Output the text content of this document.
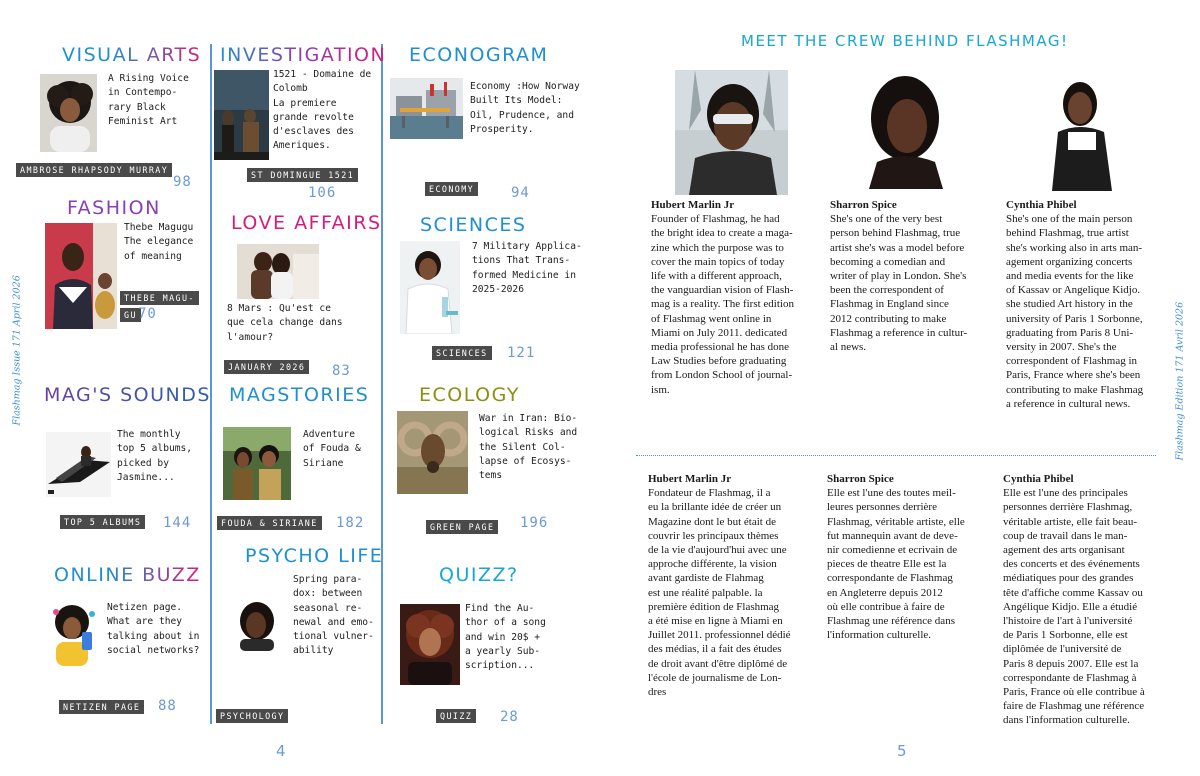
Flashmag Issue 171 April 2026
VISUAL ARTS
A Rising Voice
in Contempo-
rary Black
Feminist Art
AMBROSE RHAPSODY MURRAY
98
INVESTIGATION
1521 - Domaine de
Colomb
La premiere
grande revolte
d'esclaves des
Ameriques.
ST DOMINGUE 1521
106
ECONOGRAM
Economy :How Norway
Built Its Model:
Oil, Prudence, and
Prosperity.
ECONOMY	94
FASHION
Thebe Magugu
The elegance
of meaning
THEBE MAGU-
GU 70
LOVE AFFAIRS
8 Mars : Qu'est ce
que cela change dans
l'amour?
JANUARY 2026 83
SCIENCES
7 Military Applica-
tions That Trans-
formed Medicine in
2025-2026
SCIENCES 121
MAG'S SOUNDS
The monthly
top 5 albums,
picked by
Jasmine...
TOP 5 ALBUMS 144
MAGSTORIES
Adventure
of Fouda &
Siriane
FOUDA & SIRIANE 182
ECOLOGY
War in Iran: Bio-
logical Risks and
the Silent Col-
lapse of Ecosys-
tems
GREEN PAGE 196
ONLINE BUZZ
Netizen page.
What are they
talking about in
social networks?
NETIZEN PAGE 88
PSYCHO LIFE
Spring para-
dox: between
seasonal re-
newal and emo-
tional vulner-
ability
PSYCHOLOGY
QUIZZ?
Find the Au-
thor of a song
and win 20$ +
a yearly Sub-
scription...
QUIZZ 28
4
MEET THE CREW BEHIND FLASHMAG!
Hubert Marlin Jr
Founder of Flashmag, he had
the bright idea to create a maga-
zine which the purpose was to
cover the main topics of today
life with a different approach,
the vanguardian vision of Flash-
mag is a reality. The first edition
of Flashmag went online in
Miami on July 2011. dedicated
media professional he has done
Law Studies before graduating
from London School of journal-
ism.
Sharron Spice
She's one of the very best
person behind Flashmag, true
artist she's was a model before
becoming a comedian and
writer of play in London. She's
been the correspondent of
Flashmag in England since
2012 contributing to make
Flashmag a reference in cultur-
al news.
Cynthia Phibel
She's one of the main person
behind Flashmag, true artist
she's working also in arts man-
agement organizing concerts
and media events for the like
of Kassav or Angelique Kidjo.
she studied Art history in the
university of Paris 1 Sorbonne,
graduating from Paris 8 Uni-
versity in 2007. She's the
correspondent of Flashmag in
Paris, France where she's been
contributing to make Flashmag
a reference in cultural news.
Hubert Marlin Jr
Fondateur de Flashmag, il a
eu la brillante idée de créer un
Magazine dont le but était de
couvrir les principaux thèmes
de la vie d'aujourd'hui avec une
approche différente, la vision
avant gardiste de Flahmag
est une réalité palpable. la
première édition de Flashmag
a été mise en ligne à Miami en
Juillet 2011. professionnel dédié
des médias, il a fait des études
de droit avant d'être diplômé de
l'école de journalisme de Lon-
dres
Sharron Spice
Elle est l'une des toutes meil-
leures personnes derrière
Flashmag, véritable artiste, elle
fut mannequin avant de deve-
nir comedienne et ecrivain de
pieces de theatre Elle est la
correspondante de Flashmag
en Angleterre depuis 2012
où elle contribue à faire de
Flashmag une référence dans
l'information culturelle.
Cynthia Phibel
Elle est l'une des principales
personnes derrière Flashmag,
véritable artiste, elle fait beau-
coup de travail dans le man-
agement des arts organisant
des concerts et des événements
médiatiques pour des grandes
tête d'affiche comme Kassav ou
Angélique Kidjo. Elle a étudié
l'histoire de l'art à l'université
de Paris 1 Sorbonne, elle est
diplômée de l'université de
Paris 8 depuis 2007. Elle est la
correspondante de Flashmag à
Paris, France où elle contribue à
faire de Flashmag une référence
dans l'information culturelle.
Flashmag Edition 171 Avril 2026
5
